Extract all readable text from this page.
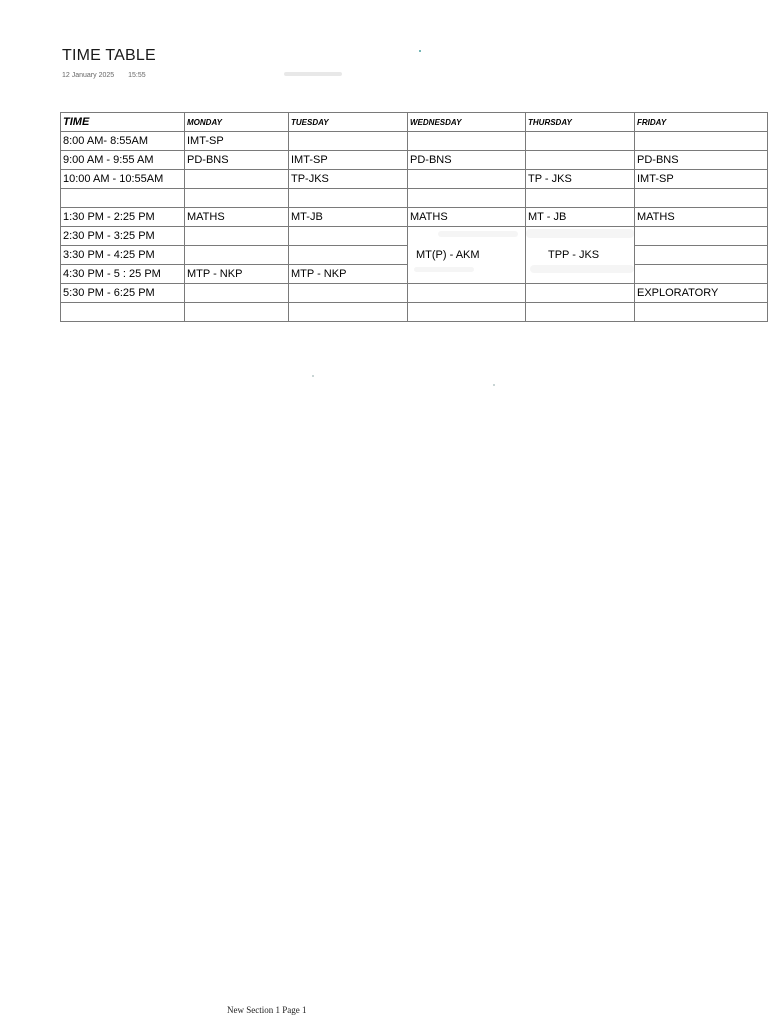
TIME TABLE
12 January 2025 15:55
TIME	MONDAY	TUESDAY	WEDNESDAY	THURSDAY	FRIDAY
8:00 AM- 8:55AM	IMT-SP				
9:00 AM - 9:55 AM	PD-BNS	IMT-SP	PD-BNS		PD-BNS
10:00 AM - 10:55AM		TP-JKS		TP - JKS	IMT-SP

1:30 PM - 2:25 PM	MATHS	MT-JB	MATHS	MT - JB	MATHS
2:30 PM - 3:25 PM			MT(P) - AKM	TPP - JKS	
3:30 PM - 4:25 PM					
4:30 PM - 5 : 25 PM	MTP - NKP	MTP - NKP			
5:30 PM - 6:25 PM					EXPLORATORY

New Section 1 Page 1
